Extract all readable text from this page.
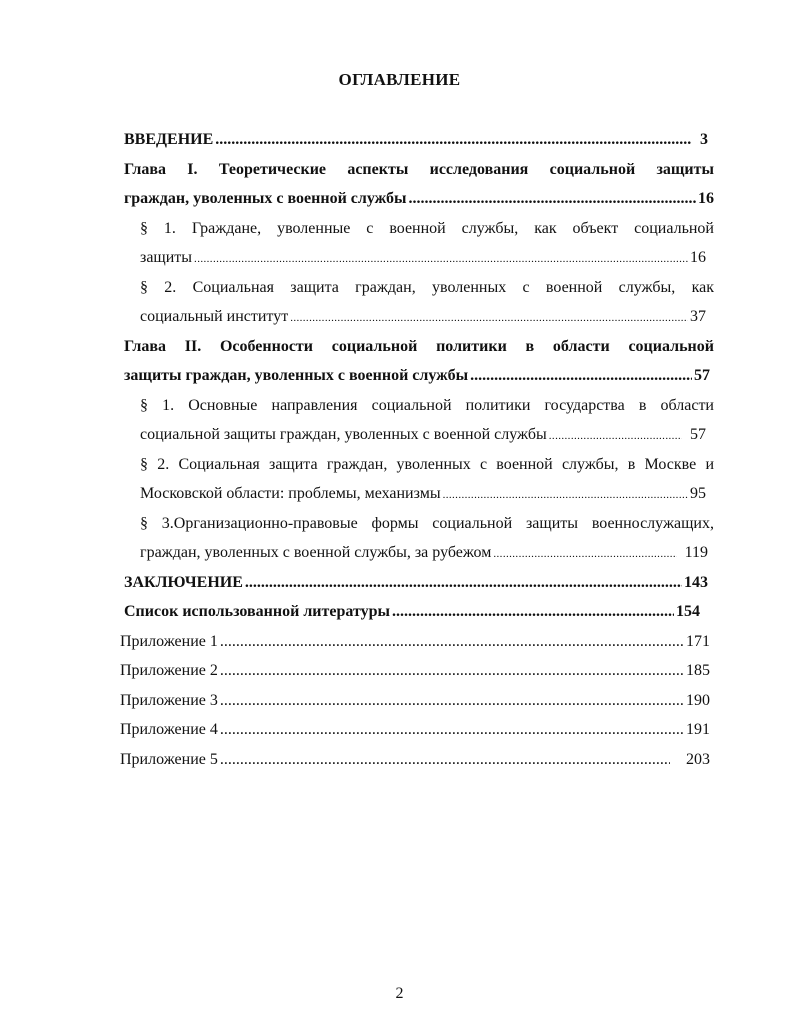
ОГЛАВЛЕНИЕ
ВВЕДЕНИЕ .....	3
Глава I. Теоретические аспекты исследования социальной защиты
граждан, уволенных с военной службы .....	16
§ 1. Граждане, уволенные с военной службы, как объект социальной
защиты .....	16
§ 2. Социальная защита граждан, уволенных с военной службы, как
социальный институт .....	37
Глава II. Особенности социальной политики в области социальной
защиты граждан, уволенных с военной службы .....	57
§ 1. Основные направления социальной политики государства в области
социальной защиты граждан, уволенных с военной службы .....	57
§ 2. Социальная защита граждан, уволенных с военной службы, в Москве и
Московской области: проблемы, механизмы .....	95
§ 3.Организационно-правовые формы социальной защиты военнослужащих,
граждан, уволенных с военной службы, за рубежом .....	119
ЗАКЛЮЧЕНИЕ .....	143
Список использованной литературы .....	154
Приложение 1 .....	171
Приложение 2 .....	185
Приложение 3 .....	190
Приложение 4 .....	191
Приложение 5 .....	203
2
